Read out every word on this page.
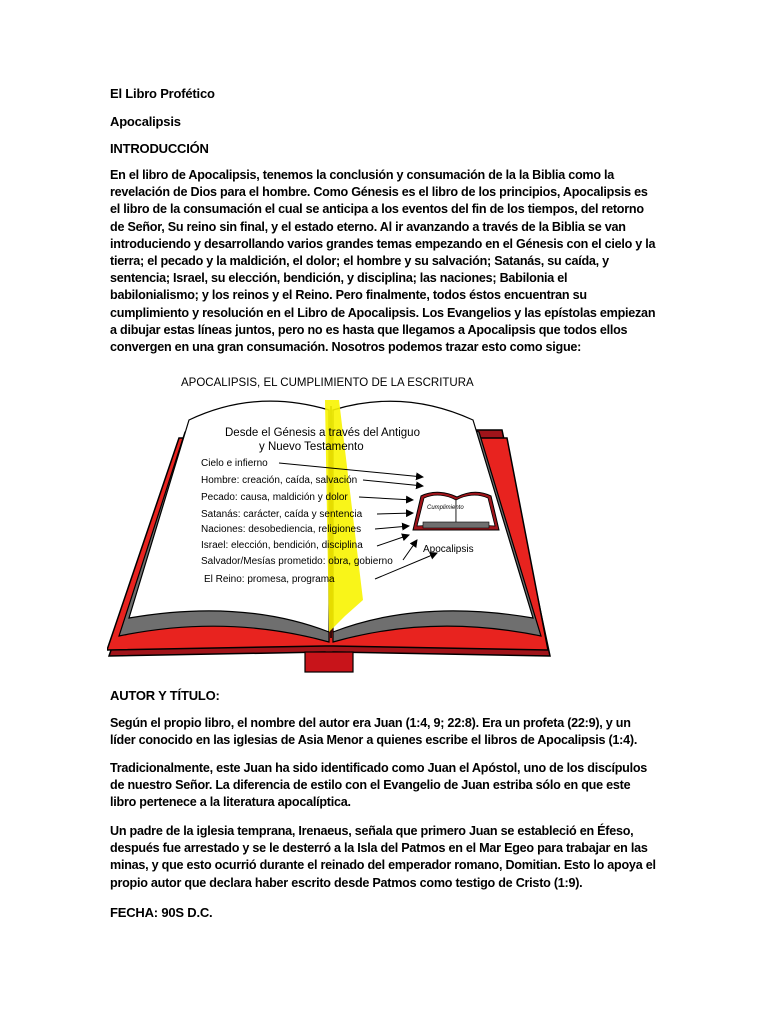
El Libro Profético
Apocalipsis
INTRODUCCIÓN
En el libro de Apocalipsis, tenemos la conclusión y consumación de la la Biblia como la revelación de Dios para el hombre. Como Génesis es el libro de los principios, Apocalipsis es el libro de la consumación el cual se anticipa a los eventos del fin de los tiempos, del retorno de Señor, Su reino sin final, y el estado eterno. Al ir avanzando a través de la Biblia se van introduciendo y desarrollando varios grandes temas empezando en el Génesis con el cielo y la tierra; el pecado y la maldición, el dolor; el hombre y su salvación; Satanás, su caída, y sentencia; Israel, su elección, bendición, y disciplina; las naciones; Babilonia el babilonialismo; y los reinos y el Reino. Pero finalmente, todos éstos encuentran su cumplimiento y resolución en el Libro de Apocalipsis. Los Evangelios y las epístolas empiezan a dibujar estas líneas juntos, pero no es hasta que llegamos a Apocalipsis que todos ellos convergen en una gran consumación. Nosotros podemos trazar esto como sigue:
AUTOR Y TÍTULO:
Según el propio libro, el nombre del autor era Juan (1:4, 9; 22:8). Era un profeta (22:9), y un líder conocido en las iglesias de Asia Menor a quienes escribe el libros de Apocalipsis (1:4).
Tradicionalmente, este Juan ha sido identificado como Juan el Apóstol, uno de los discípulos de nuestro Señor. La diferencia de estilo con el Evangelio de Juan estriba sólo en que este libro pertenece a la literatura apocalíptica.
Un padre de la iglesia temprana, Irenaeus, señala que primero Juan se estableció en Éfeso, después fue arrestado y se le desterró a la Isla del Patmos en el Mar Egeo para trabajar en las minas, y que esto ocurrió durante el reinado del emperador romano, Domitian. Esto lo apoya el propio autor que declara haber escrito desde Patmos como testigo de Cristo (1:9).
FECHA: 90S D.C.
APOCALIPSIS, EL CUMPLIMIENTO DE LA ESCRITURA
Desde el Génesis a través del Antiguo
y Nuevo Testamento
Cielo e infierno
Hombre: creación, caída, salvación
Pecado: causa, maldición y dolor
Satanás: carácter, caída y sentencia
Naciones: desobediencia, religiones
Israel: elección, bendición, disciplina
Salvador/Mesías prometido: obra, gobierno
El Reino: promesa, programa
Cumplimiento
Apocalipsis
